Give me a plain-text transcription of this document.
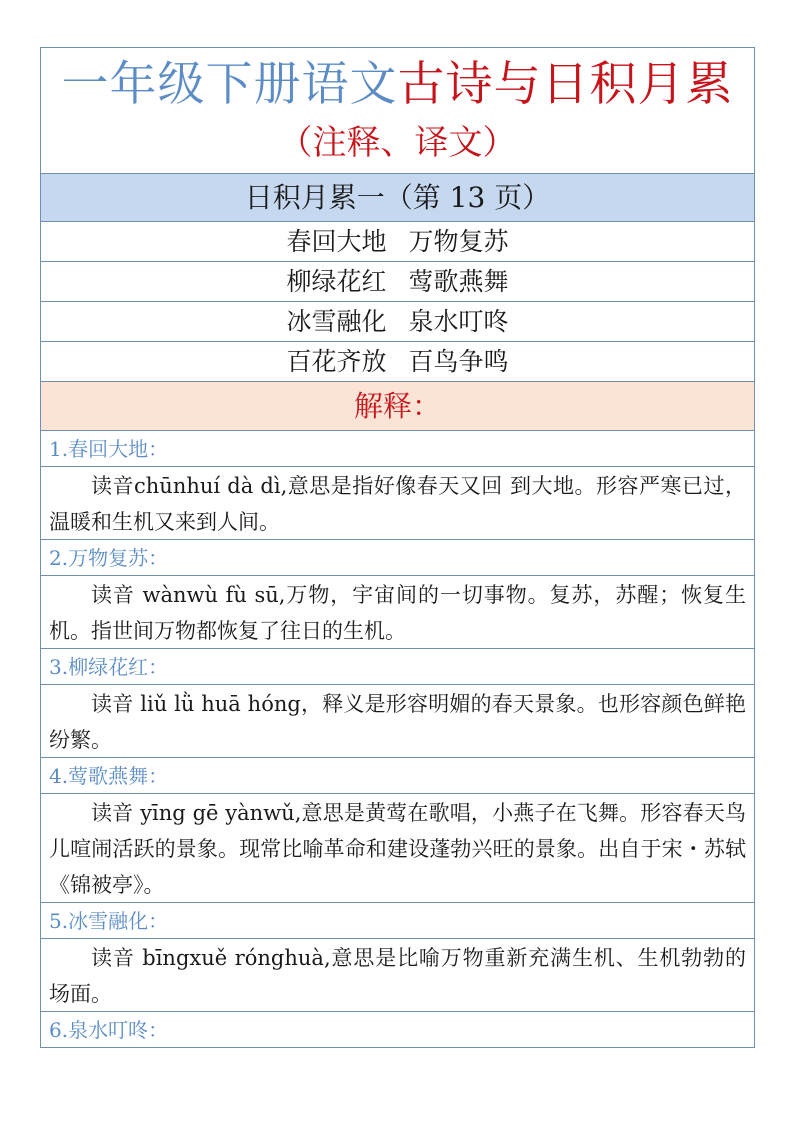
一年级下册语文古诗与日积月累
（注释、译文）
日积月累一（第 13 页）
春回大地 万物复苏
柳绿花红 莺歌燕舞
冰雪融化 泉水叮咚
百花齐放 百鸟争鸣
解释：
1.春回大地：

读音chūnhuí dà dì,意思是指好像春天又回 到大地。形容严寒已过，温暖和生机又来到人间。

2.万物复苏：

读音 wànwù fù sū,万物，宇宙间的一切事物。复苏，苏醒；恢复生机。指世间万物都恢复了往日的生机。

3.柳绿花红：

读音 liǔ lǜ huā hóng，释义是形容明媚的春天景象。也形容颜色鲜艳纷繁。

4.莺歌燕舞：

读音 yīng gē yànwǔ,意思是黄莺在歌唱，小燕子在飞舞。形容春天鸟儿喧闹活跃的景象。现常比喻革命和建设蓬勃兴旺的景象。出自于宋・苏轼《锦被亭》。

5.冰雪融化：

读音 bīngxuě rónghuà,意思是比喻万物重新充满生机、生机勃勃的场面。

6.泉水叮咚：
